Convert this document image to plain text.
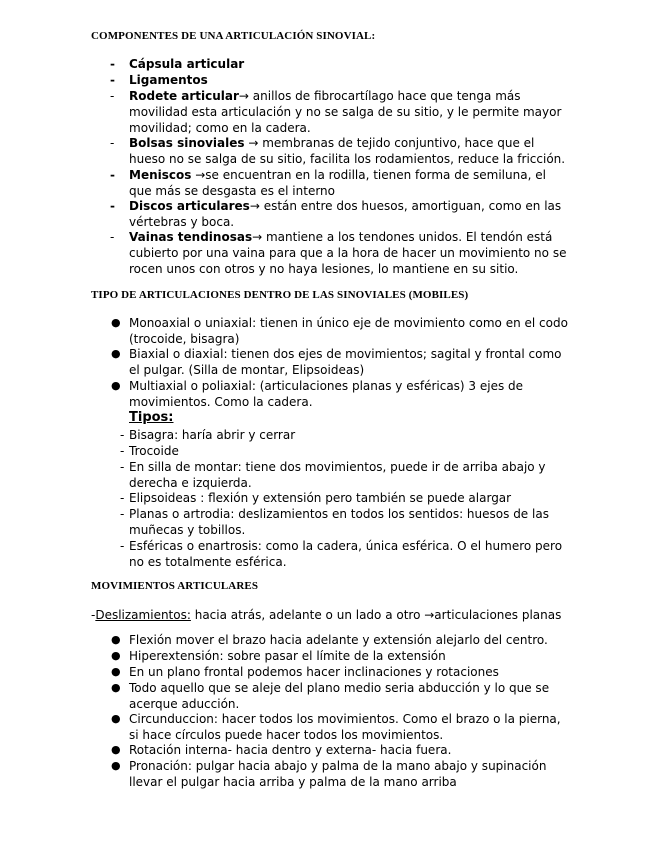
COMPONENTES DE UNA ARTICULACIÓN SINOVIAL:
- Cápsula articular
- Ligamentos
- Rodete articular→ anillos de fibrocartílago hace que tenga más movilidad esta articulación y no se salga de su sitio, y le permite mayor movilidad; como en la cadera.
- Bolsas sinoviales → membranas de tejido conjuntivo, hace que el hueso no se salga de su sitio, facilita los rodamientos, reduce la fricción.
- Meniscos →se encuentran en la rodilla, tienen forma de semiluna, el que más se desgasta es el interno
- Discos articulares→ están entre dos huesos, amortiguan, como en las vértebras y boca.
- Vainas tendinosas→ mantiene a los tendones unidos. El tendón está cubierto por una vaina para que a la hora de hacer un movimiento no se rocen unos con otros y no haya lesiones, lo mantiene en su sitio.
TIPO DE ARTICULACIONES DENTRO DE LAS SINOVIALES (MOBILES)
● Monoaxial o uniaxial: tienen in único eje de movimiento como en el codo (trocoide, bisagra)
● Biaxial o diaxial: tienen dos ejes de movimientos; sagital y frontal como el pulgar. (Silla de montar, Elipsoideas)
● Multiaxial o poliaxial: (articulaciones planas y esféricas) 3 ejes de movimientos. Como la cadera.
Tipos:
- Bisagra: haría abrir y cerrar
- Trocoide
- En silla de montar: tiene dos movimientos, puede ir de arriba abajo y derecha e izquierda.
- Elipsoideas : flexión y extensión pero también se puede alargar
- Planas o artrodia: deslizamientos en todos los sentidos: huesos de las muñecas y tobillos.
- Esféricas o enartrosis: como la cadera, única esférica. O el humero pero no es totalmente esférica.
MOVIMIENTOS ARTICULARES
-Deslizamientos: hacia atrás, adelante o un lado a otro →articulaciones planas
● Flexión mover el brazo hacia adelante y extensión alejarlo del centro.
● Hiperextensión: sobre pasar el límite de la extensión
● En un plano frontal podemos hacer inclinaciones y rotaciones
● Todo aquello que se aleje del plano medio seria abducción y lo que se acerque aducción.
● Circunduccion: hacer todos los movimientos. Como el brazo o la pierna, si hace círculos puede hacer todos los movimientos.
● Rotación interna- hacia dentro y externa- hacia fuera.
● Pronación: pulgar hacia abajo y palma de la mano abajo y supinación llevar el pulgar hacia arriba y palma de la mano arriba
